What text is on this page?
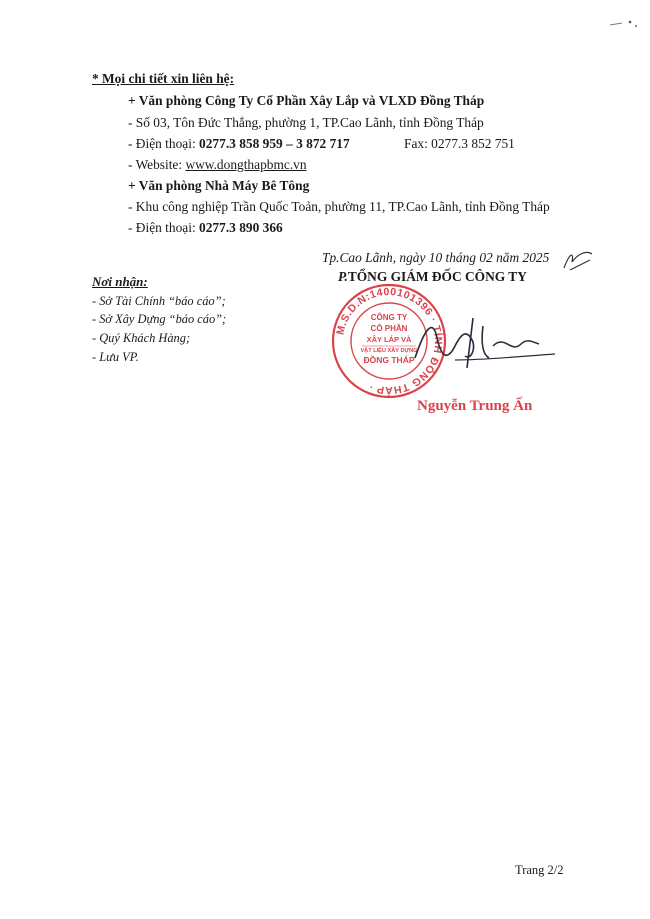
* Mọi chi tiết xin liên hệ:
+ Văn phòng Công Ty Cổ Phần Xây Lắp và VLXD Đồng Tháp
- Số 03, Tôn Đức Thắng, phường 1, TP.Cao Lãnh, tỉnh Đồng Tháp
- Điện thoại: 0277.3 858 959 – 3 872 717	Fax: 0277.3 852 751
- Website: www.dongthapbmc.vn
+ Văn phòng Nhà Máy Bê Tông
- Khu công nghiệp Trần Quốc Toản, phường 11, TP.Cao Lãnh, tỉnh Đồng Tháp
- Điện thoại: 0277.3 890 366
Tp.Cao Lãnh, ngày 10 tháng 02 năm 2025
P.TỔNG GIÁM ĐỐC CÔNG TY
Nơi nhận:
- Sở Tài Chính “báo cáo”;
- Sở Xây Dựng “báo cáo”;
- Quý Khách Hàng;
- Lưu VP.
M.S.D.N:1400101396 · TỈNH ĐỒNG THÁP ·
CÔNG TY
CỔ PHẦN
XÂY LẮP VÀ
VẬT LIỆU XÂY DỰNG
ĐỒNG THÁP
Nguyễn Trung Ấn
Trang 2/2
